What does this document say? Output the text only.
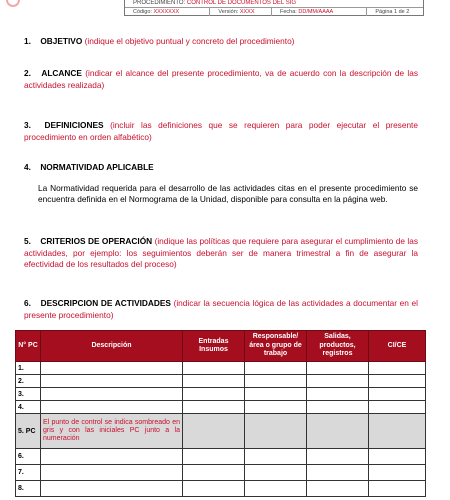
PROCEDIMIENTO: CONTROL DE DOCUMENTOS DEL SIG
Código: XXXXXXX	Versión: XXXX	Fecha: DD/MM/AAAA	Página 1 de 2
1. OBJETIVO (indique el objetivo puntual y concreto del procedimiento)
2. ALCANCE (indicar el alcance del presente procedimiento, va de acuerdo con la descripción de las actividades realizada)
3. DEFINICIONES (incluir las definiciones que se requieren para poder ejecutar el presente procedimiento en orden alfabético)
4. NORMATIVIDAD APLICABLE
La Normatividad requerida para el desarrollo de las actividades citas en el presente procedimiento se encuentra definida en el Normograma de la Unidad, disponible para consulta en la página web.
5. CRITERIOS DE OPERACIÓN (indique las políticas que requiere para asegurar el cumplimiento de las actividades, por ejemplo: los seguimientos deberán ser de manera trimestral a fin de asegurar la efectividad de los resultados del proceso)
6. DESCRIPCION DE ACTIVIDADES (indicar la secuencia lógica de las actividades a documentar en el presente procedimiento)
N° PC	Descripción	Entradas Insumos	Responsable/ área o grupo de trabajo	Salidas, productos, registros	CI/CE
1.					
2.					
3.					
4.					
5. PC	El punto de control se indica sombreado en gris y con las iniciales PC junto a la numeración				
6.					
7.					
8.					
